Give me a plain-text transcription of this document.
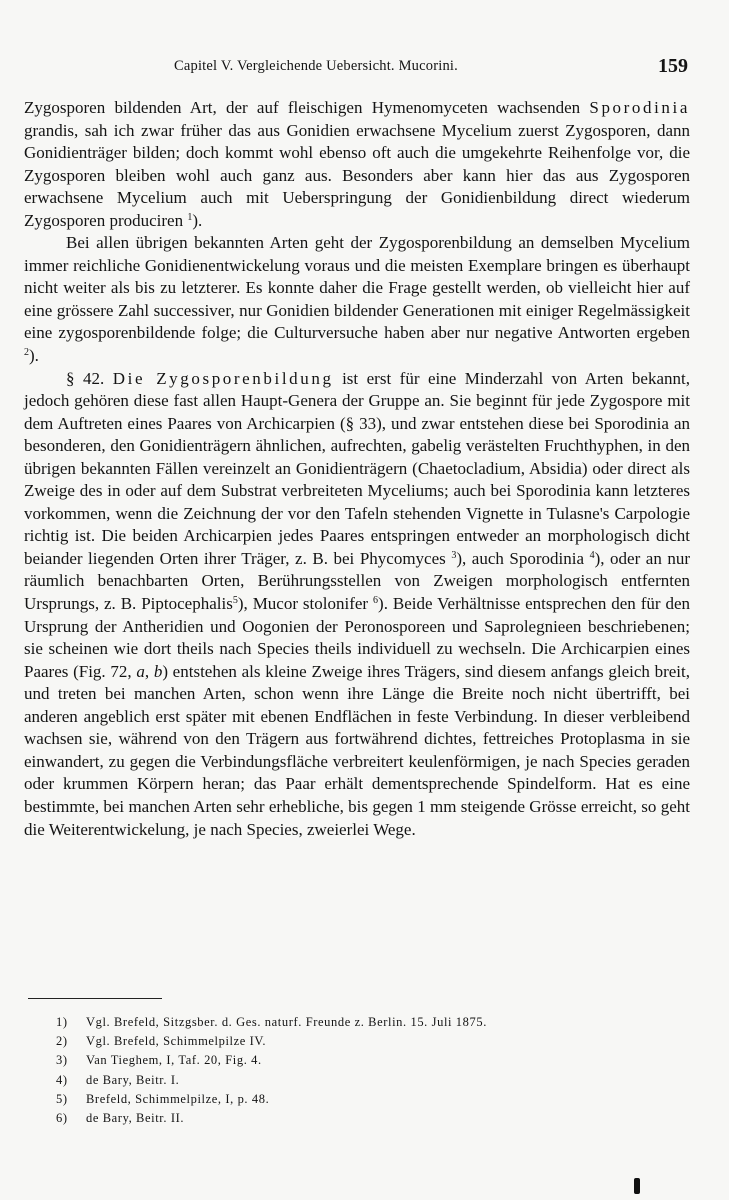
Capitel V. Vergleichende Uebersicht. Mucorini.	159

Zygosporen bildenden Art, der auf fleischigen Hymenomyceten wachsenden Sporodinia grandis, sah ich zwar früher das aus Gonidien erwachsene Mycelium zuerst Zygosporen, dann Gonidienträger bilden; doch kommt wohl ebenso oft auch die umgekehrte Reihenfolge vor, die Zygosporen bleiben wohl auch ganz aus. Besonders aber kann hier das aus Zygosporen erwachsene Mycelium auch mit Ueberspringung der Gonidienbildung direct wiederum Zygosporen produciren $^1$).

Bei allen übrigen bekannten Arten geht der Zygosporenbildung an demselben Mycelium immer reichliche Gonidienentwickelung voraus und die meisten Exemplare bringen es überhaupt nicht weiter als bis zu letzterer. Es konnte daher die Frage gestellt werden, ob vielleicht hier auf eine grössere Zahl successiver, nur Gonidien bildender Generationen mit einiger Regelmässigkeit eine zygosporenbildende folge; die Culturversuche haben aber nur negative Antworten ergeben $^2$).

§ 42. Die Zygosporenbildung ist erst für eine Minderzahl von Arten bekannt, jedoch gehören diese fast allen Haupt-Genera der Gruppe an. Sie beginnt für jede Zygospore mit dem Auftreten eines Paares von Archicarpien (§ 33), und zwar entstehen diese bei Sporodinia an besonderen, den Gonidienträgern ähnlichen, aufrechten, gabelig verästelten Fruchthyphen, in den übrigen bekannten Fällen vereinzelt an Gonidienträgern (Chaetocladium, Absidia) oder direct als Zweige des in oder auf dem Substrat verbreiteten Myceliums; auch bei Sporodinia kann letzteres vorkommen, wenn die Zeichnung der vor den Tafeln stehenden Vignette in Tulasne's Carpologie richtig ist. Die beiden Archicarpien jedes Paares entspringen entweder an morphologisch dicht beiander liegenden Orten ihrer Träger, z. B. bei Phycomyces $^3$), auch Sporodinia $^4$), oder an nur räumlich benachbarten Orten, Berührungsstellen von Zweigen morphologisch entfernten Ursprungs, z. B. Piptocephalis$^5$), Mucor stolonifer $^6$). Beide Verhältnisse entsprechen den für den Ursprung der Antheridien und Oogonien der Peronosporeen und Saprolegnieen beschriebenen; sie scheinen wie dort theils nach Species theils individuell zu wechseln. Die Archicarpien eines Paares (Fig. 72, a, b) entstehen als kleine Zweige ihres Trägers, sind diesem anfangs gleich breit, und treten bei manchen Arten, schon wenn ihre Länge die Breite noch nicht übertrifft, bei anderen angeblich erst später mit ebenen Endflächen in feste Verbindung. In dieser verbleibend wachsen sie, während von den Trägern aus fortwährend dichtes, fettreiches Protoplasma in sie einwandert, zu gegen die Verbindungsfläche verbreitert keulenförmigen, je nach Species geraden oder krummen Körpern heran; das Paar erhält dementsprechende Spindelform. Hat es eine bestimmte, bei manchen Arten sehr erhebliche, bis gegen 1 mm steigende Grösse erreicht, so geht die Weiterentwickelung, je nach Species, zweierlei Wege.

1) Vgl. Brefeld, Sitzgsber. d. Ges. naturf. Freunde z. Berlin. 15. Juli 1875.
2) Vgl. Brefeld, Schimmelpilze IV.
3) Van Tieghem, I, Taf. 20, Fig. 4.
4) de Bary, Beitr. I.
5) Brefeld, Schimmelpilze, I, p. 48.
6) de Bary, Beitr. II.
